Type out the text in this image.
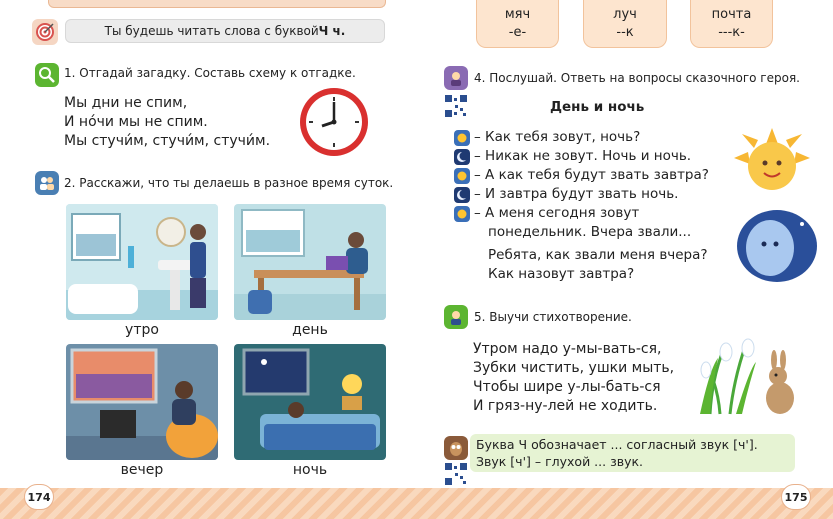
Ты будешь читать слова с буквой Ч ч.
1. Отгадай загадку. Составь схему к отгадке.
Мы дни не спим,
И но́чи мы не спим.
Мы стучи́м, стучи́м, стучи́м.
2. Расскажи, что ты делаешь в разное время суток.
утро	день
вечер	ночь
мяч
-е-
луч
--к
почта
---к-
4. Послушай. Ответь на вопросы сказочного героя.
День и ночь
– Как тебя зовут, ночь?
– Никак не зовут. Ночь и ночь.
– А как тебя будут звать завтра?
– И завтра будут звать ночь.
– А меня сегодня зовут
понедельник. Вчера звали...
Ребята, как звали меня вчера?
Как назовут завтра?
5. Выучи стихотворение.
Утром надо у-мы-вать-ся,
Зубки чистить, ушки мыть,
Чтобы шире у-лы-бать-ся
И гряз-ну-лей не ходить.
Буква Ч обозначает ... согласный звук [ч'].
Звук [ч'] – глухой ... звук.
174	175
